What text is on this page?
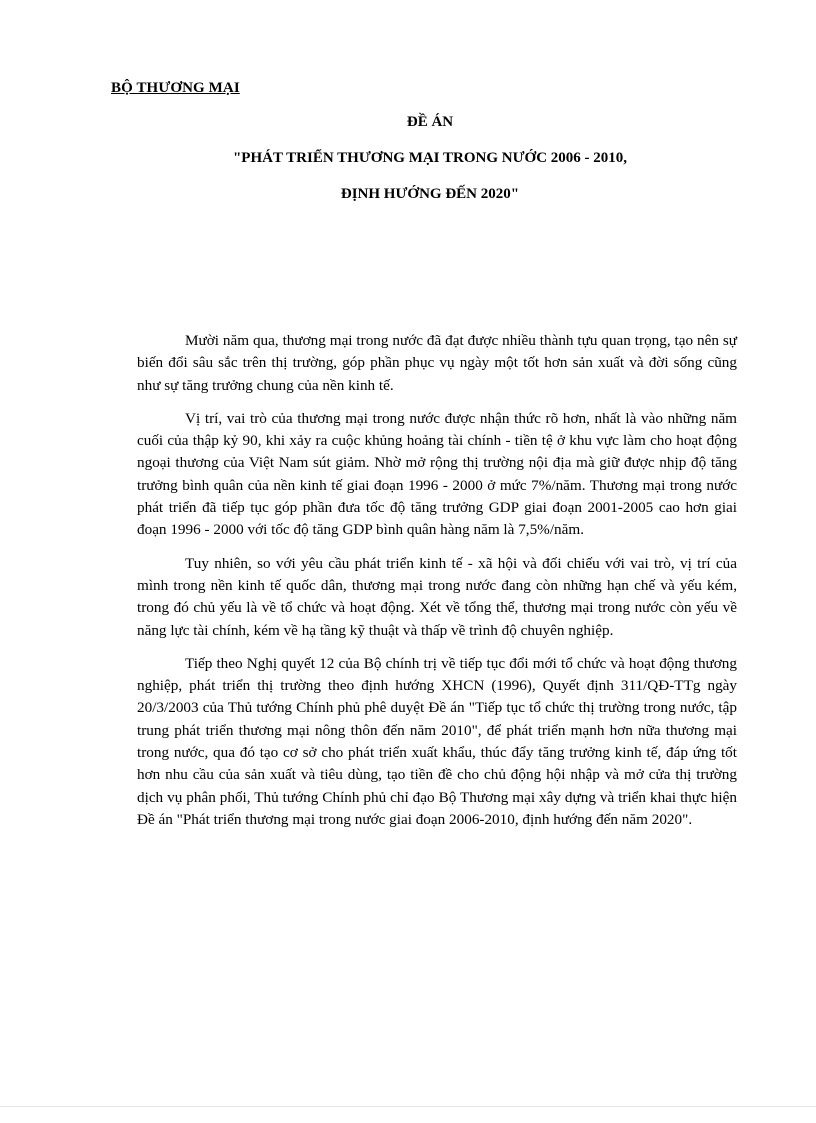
BỘ THƯƠNG MẠI
ĐỀ ÁN
"PHÁT TRIỂN THƯƠNG MẠI TRONG NƯỚC 2006 - 2010,
ĐỊNH HƯỚNG ĐẾN 2020"

Mười năm qua, thương mại trong nước đã đạt được nhiều thành tựu quan trọng, tạo nên sự biến đổi sâu sắc trên thị trường, góp phần phục vụ ngày một tốt hơn sản xuất và đời sống cũng như sự tăng trưởng chung của nền kinh tế.

Vị trí, vai trò của thương mại trong nước được nhận thức rõ hơn, nhất là vào những năm cuối của thập kỷ 90, khi xảy ra cuộc khủng hoảng tài chính - tiền tệ ở khu vực làm cho hoạt động ngoại thương của Việt Nam sút giảm. Nhờ mở rộng thị trường nội địa mà giữ được nhịp độ tăng trưởng bình quân của nền kinh tế giai đoạn 1996 - 2000 ở mức 7%/năm. Thương mại trong nước phát triển đã tiếp tục góp phần đưa tốc độ tăng trưởng GDP giai đoạn 2001-2005 cao hơn giai đoạn 1996 - 2000 với tốc độ tăng GDP bình quân hàng năm là 7,5%/năm.

Tuy nhiên, so với yêu cầu phát triển kinh tế - xã hội và đối chiếu với vai trò, vị trí của mình trong nền kinh tế quốc dân, thương mại trong nước đang còn những hạn chế và yếu kém, trong đó chủ yếu là về tổ chức và hoạt động. Xét về tổng thể, thương mại trong nước còn yếu về năng lực tài chính, kém về hạ tầng kỹ thuật và thấp về trình độ chuyên nghiệp.

Tiếp theo Nghị quyết 12 của Bộ chính trị về tiếp tục đổi mới tổ chức và hoạt động thương nghiệp, phát triển thị trường theo định hướng XHCN (1996), Quyết định 311/QĐ-TTg ngày 20/3/2003 của Thủ tướng Chính phủ phê duyệt Đề án "Tiếp tục tổ chức thị trường trong nước, tập trung phát triển thương mại nông thôn đến năm 2010", để phát triển mạnh hơn nữa thương mại trong nước, qua đó tạo cơ sở cho phát triển xuất khẩu, thúc đẩy tăng trưởng kinh tế, đáp ứng tốt hơn nhu cầu của sản xuất và tiêu dùng, tạo tiền đề cho chủ động hội nhập và mở cửa thị trường dịch vụ phân phối, Thủ tướng Chính phủ chỉ đạo Bộ Thương mại xây dựng và triển khai thực hiện Đề án "Phát triển thương mại trong nước giai đoạn 2006-2010, định hướng đến năm 2020".
